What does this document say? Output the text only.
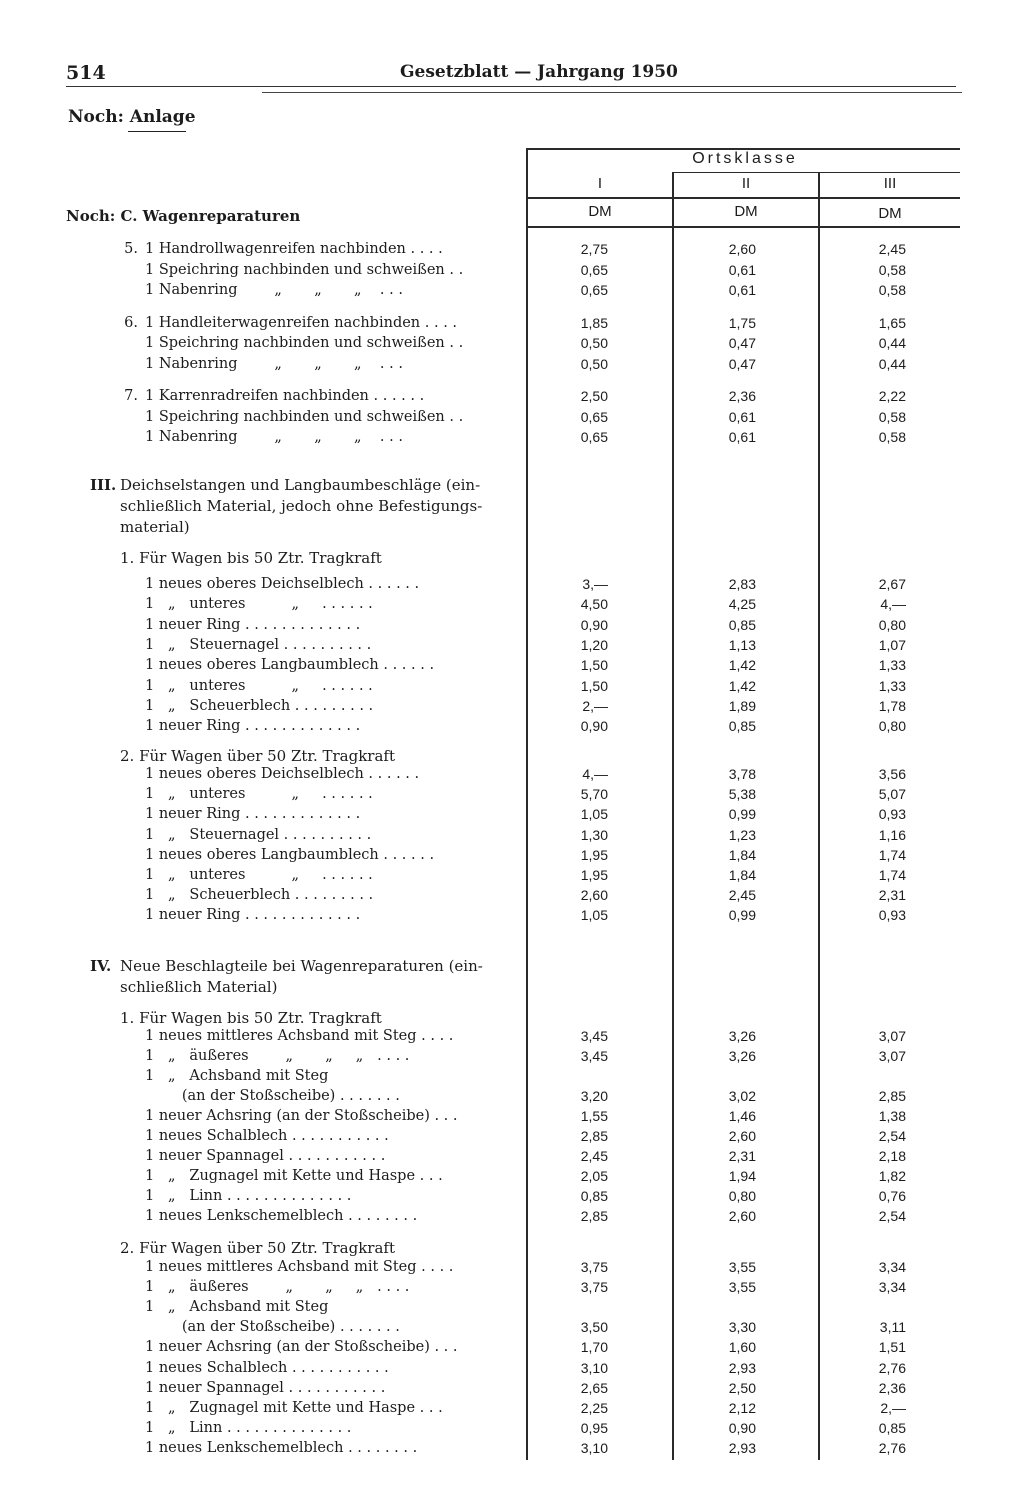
514	Gesetzblatt — Jahrgang 1950
Noch: Anlage
Ortsklasse
I	II	III
DM	DM	DM
Noch: C. Wagenreparaturen
5. 1 Handrollwagenreifen nachbinden . . . .	2,75	2,60	2,45
1 Speichring nachbinden und schweißen . .	0,65	0,61	0,58
1 Nabenring        „       „       „    . . .	0,65	0,61	0,58
6. 1 Handleiterwagenreifen nachbinden . . . .	1,85	1,75	1,65
1 Speichring nachbinden und schweißen . .	0,50	0,47	0,44
1 Nabenring        „       „       „    . . .	0,50	0,47	0,44
7. 1 Karrenradreifen nachbinden . . . . . .	2,50	2,36	2,22
1 Speichring nachbinden und schweißen . .	0,65	0,61	0,58
1 Nabenring        „       „       „    . . .	0,65	0,61	0,58
III. Deichselstangen und Langbaumbeschläge (ein-
schließlich Material, jedoch ohne Befestigungs-
material)
1. Für Wagen bis 50 Ztr. Tragkraft
1 neues oberes Deichselblech . . . . . .	3,—	2,83	2,67
1   „   unteres          „     . . . . . .	4,50	4,25	4,—
1 neuer Ring . . . . . . . . . . . . .	0,90	0,85	0,80
1   „   Steuernagel . . . . . . . . . .	1,20	1,13	1,07
1 neues oberes Langbaumblech . . . . . .	1,50	1,42	1,33
1   „   unteres          „     . . . . . .	1,50	1,42	1,33
1   „   Scheuerblech . . . . . . . . .	2,—	1,89	1,78
1 neuer Ring . . . . . . . . . . . . .	0,90	0,85	0,80
2. Für Wagen über 50 Ztr. Tragkraft
1 neues oberes Deichselblech . . . . . .	4,—	3,78	3,56
1   „   unteres          „     . . . . . .	5,70	5,38	5,07
1 neuer Ring . . . . . . . . . . . . .	1,05	0,99	0,93
1   „   Steuernagel . . . . . . . . . .	1,30	1,23	1,16
1 neues oberes Langbaumblech . . . . . .	1,95	1,84	1,74
1   „   unteres          „     . . . . . .	1,95	1,84	1,74
1   „   Scheuerblech . . . . . . . . .	2,60	2,45	2,31
1 neuer Ring . . . . . . . . . . . . .	1,05	0,99	0,93
IV. Neue Beschlagteile bei Wagenreparaturen (ein-
schließlich Material)
1. Für Wagen bis 50 Ztr. Tragkraft
1 neues mittleres Achsband mit Steg . . . .	3,45	3,26	3,07
1   „   äußeres        „       „     „   . . . .	3,45	3,26	3,07
1   „   Achsband mit Steg
(an der Stoßscheibe) . . . . . . .	3,20	3,02	2,85
1 neuer Achsring (an der Stoßscheibe) . . .	1,55	1,46	1,38
1 neues Schalblech . . . . . . . . . . .	2,85	2,60	2,54
1 neuer Spannagel . . . . . . . . . . .	2,45	2,31	2,18
1   „   Zugnagel mit Kette und Haspe . . .	2,05	1,94	1,82
1   „   Linn . . . . . . . . . . . . . .	0,85	0,80	0,76
1 neues Lenkschemelblech . . . . . . . .	2,85	2,60	2,54
2. Für Wagen über 50 Ztr. Tragkraft
1 neues mittleres Achsband mit Steg . . . .	3,75	3,55	3,34
1   „   äußeres        „       „     „   . . . .	3,75	3,55	3,34
1   „   Achsband mit Steg
(an der Stoßscheibe) . . . . . . .	3,50	3,30	3,11
1 neuer Achsring (an der Stoßscheibe) . . .	1,70	1,60	1,51
1 neues Schalblech . . . . . . . . . . .	3,10	2,93	2,76
1 neuer Spannagel . . . . . . . . . . .	2,65	2,50	2,36
1   „   Zugnagel mit Kette und Haspe . . .	2,25	2,12	2,—
1   „   Linn . . . . . . . . . . . . . .	0,95	0,90	0,85
1 neues Lenkschemelblech . . . . . . . .	3,10	2,93	2,76
